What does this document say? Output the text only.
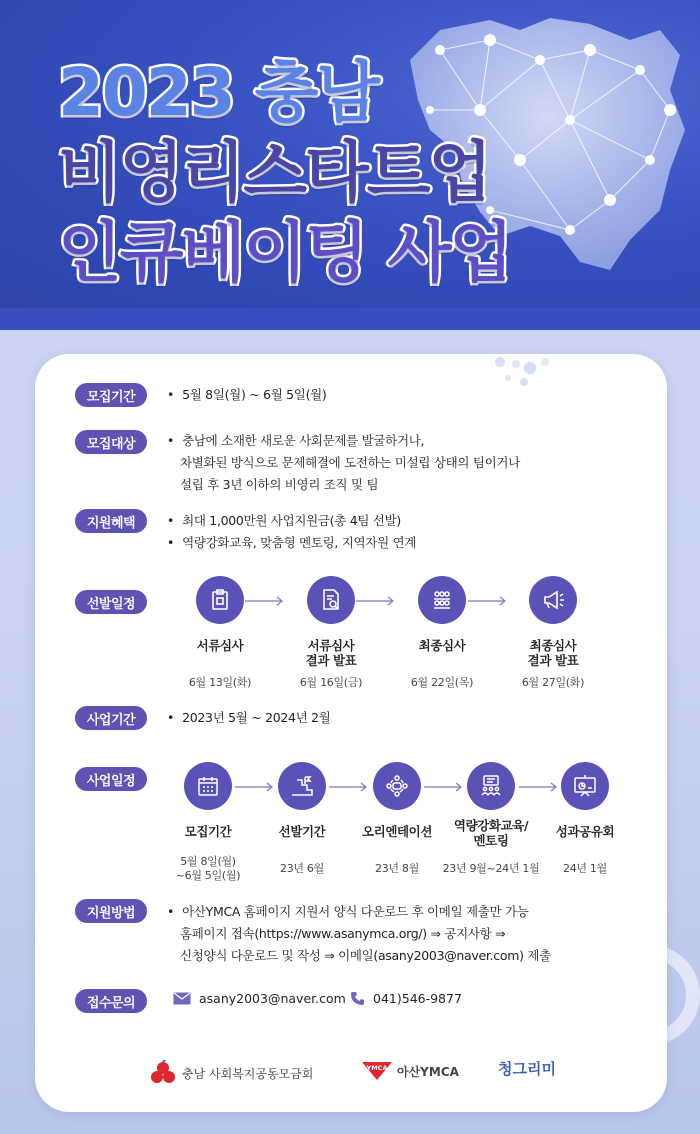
2023 충남
비영리스타트업
인큐베이팅 사업
모집기간	• 5월 8일(월) ~ 6월 5일(월)
모집대상	• 충남에 소재한 새로운 사회문제를 발굴하거나,
차별화된 방식으로 문제해결에 도전하는 미설립 상태의 팀이거나
설립 후 3년 이하의 비영리 조직 및 팀
지원혜택	• 최대 1,000만원 사업지원금(총 4팀 선발)
• 역량강화교육, 맞춤형 멘토링, 지역자원 연계
선발일정
서류심사
6월 13일(화)
서류심사
결과 발표
6월 16일(금)
최종심사
6월 22일(목)
최종심사
결과 발표
6월 27일(화)
사업기간	• 2023년 5월 ~ 2024년 2월
사업일정
모집기간
5월 8일(월)
~6월 5일(월)
선발기간
23년 6월
오리엔테이션
23년 8월
역량강화교육/
멘토링
23년 9월~24년 1월
성과공유회
24년 1월
지원방법	• 아산YMCA 홈페이지 지원서 양식 다운로드 후 이메일 제출만 가능
홈페이지 접속(https://www.asanymca.org/) ⇒ 공지사항 ⇒
신청양식 다운로드 및 작성 ⇒ 이메일(asany2003@naver.com) 제출
접수문의	asany2003@naver.com 041)546-9877
충남 사회복지공동모금회	YMCA 아산YMCA	청그리미
